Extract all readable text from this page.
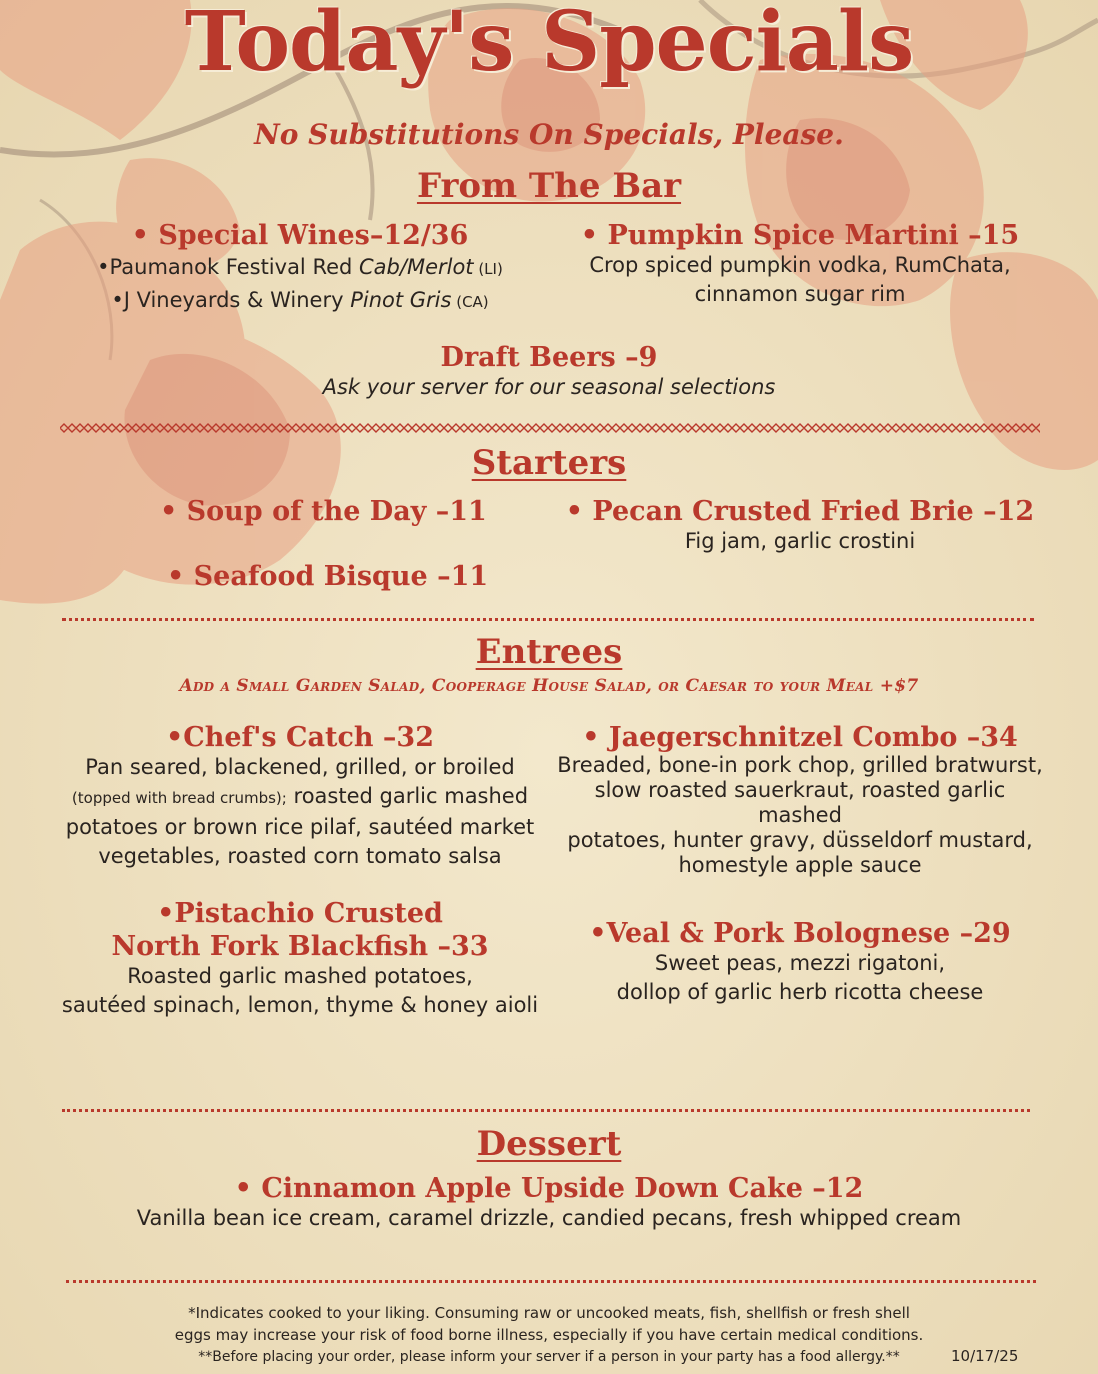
Today's Specials
No Substitutions On Specials, Please.
From The Bar
• Special Wines–12/36
•Paumanok Festival Red Cab/Merlot (LI)
•J Vineyards & Winery Pinot Gris (CA)
• Pumpkin Spice Martini –15
Crop spiced pumpkin vodka, RumChata,
cinnamon sugar rim
Draft Beers –9
Ask your server for our seasonal selections
Starters
• Soup of the Day –11
• Seafood Bisque –11
• Pecan Crusted Fried Brie –12
Fig jam, garlic crostini
Entrees
Add a Small Garden Salad, Cooperage House Salad, or Caesar to your Meal +$7
•Chef's Catch –32
Pan seared, blackened, grilled, or broiled
(topped with bread crumbs); roasted garlic mashed
potatoes or brown rice pilaf, sautéed market
vegetables, roasted corn tomato salsa
• Jaegerschnitzel Combo –34
Breaded, bone-in pork chop, grilled bratwurst,
slow roasted sauerkraut, roasted garlic mashed
potatoes, hunter gravy, düsseldorf mustard,
homestyle apple sauce
•Pistachio Crusted
North Fork Blackfish –33
Roasted garlic mashed potatoes,
sautéed spinach, lemon, thyme & honey aioli
•Veal & Pork Bolognese –29
Sweet peas, mezzi rigatoni,
dollop of garlic herb ricotta cheese
Dessert
• Cinnamon Apple Upside Down Cake –12
Vanilla bean ice cream, caramel drizzle, candied pecans, fresh whipped cream
*Indicates cooked to your liking. Consuming raw or uncooked meats, fish, shellfish or fresh shell
eggs may increase your risk of food borne illness, especially if you have certain medical conditions.
**Before placing your order, please inform your server if a person in your party has a food allergy.**	10/17/25
